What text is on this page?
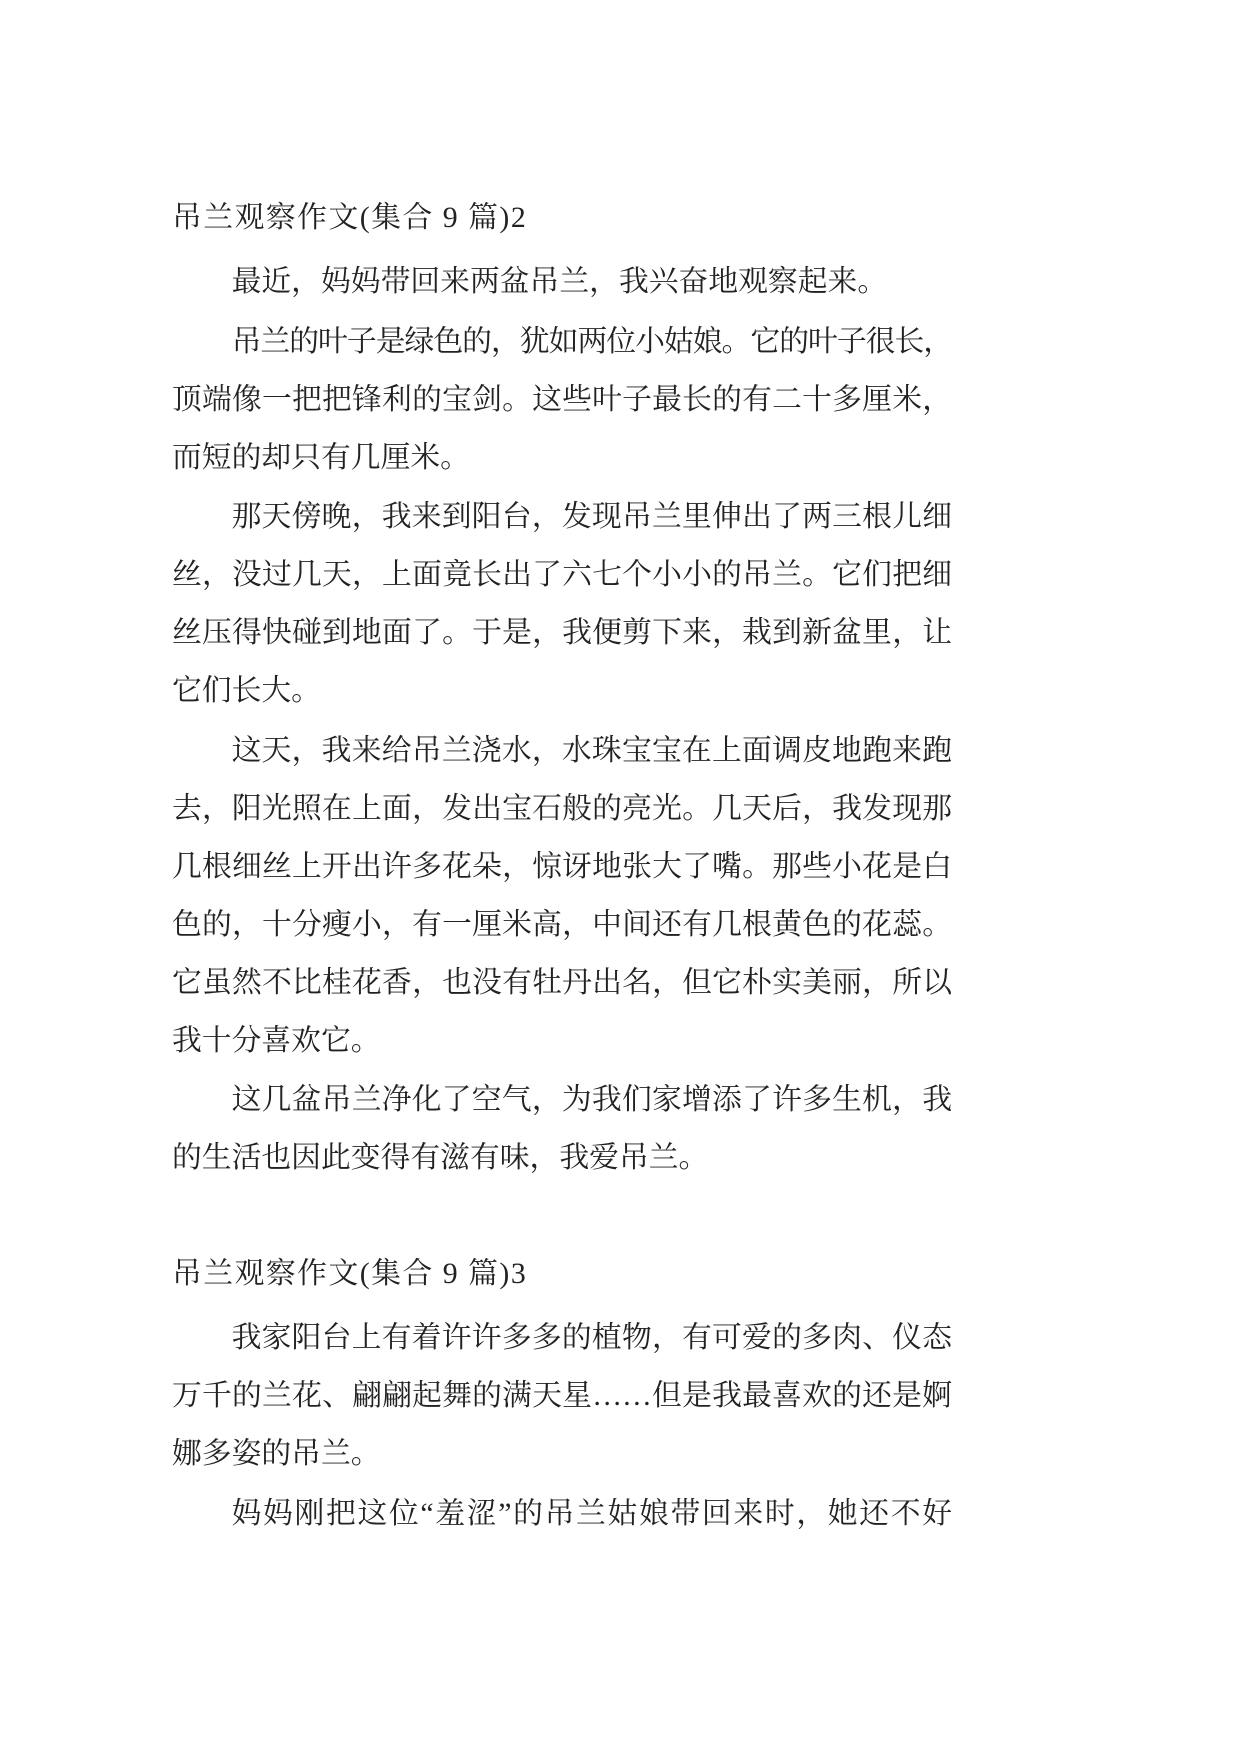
吊兰观察作文(集合 9 篇)2
最近，妈妈带回来两盆吊兰，我兴奋地观察起来。
吊兰的叶子是绿色的，犹如两位小姑娘。它的叶子很长，
顶端像一把把锋利的宝剑。这些叶子最长的有二十多厘米，
而短的却只有几厘米。
那天傍晚，我来到阳台，发现吊兰里伸出了两三根儿细
丝，没过几天，上面竟长出了六七个小小的吊兰。它们把细
丝压得快碰到地面了。于是，我便剪下来，栽到新盆里，让
它们长大。
这天，我来给吊兰浇水，水珠宝宝在上面调皮地跑来跑
去，阳光照在上面，发出宝石般的亮光。几天后，我发现那
几根细丝上开出许多花朵，惊讶地张大了嘴。那些小花是白
色的，十分瘦小，有一厘米高，中间还有几根黄色的花蕊。
它虽然不比桂花香，也没有牡丹出名，但它朴实美丽，所以
我十分喜欢它。
这几盆吊兰净化了空气，为我们家增添了许多生机，我
的生活也因此变得有滋有味，我爱吊兰。
吊兰观察作文(集合 9 篇)3
我家阳台上有着许许多多的植物，有可爱的多肉、仪态
万千的兰花、翩翩起舞的满天星……但是我最喜欢的还是婀
娜多姿的吊兰。
妈妈刚把这位“羞涩”的吊兰姑娘带回来时，她还不好
